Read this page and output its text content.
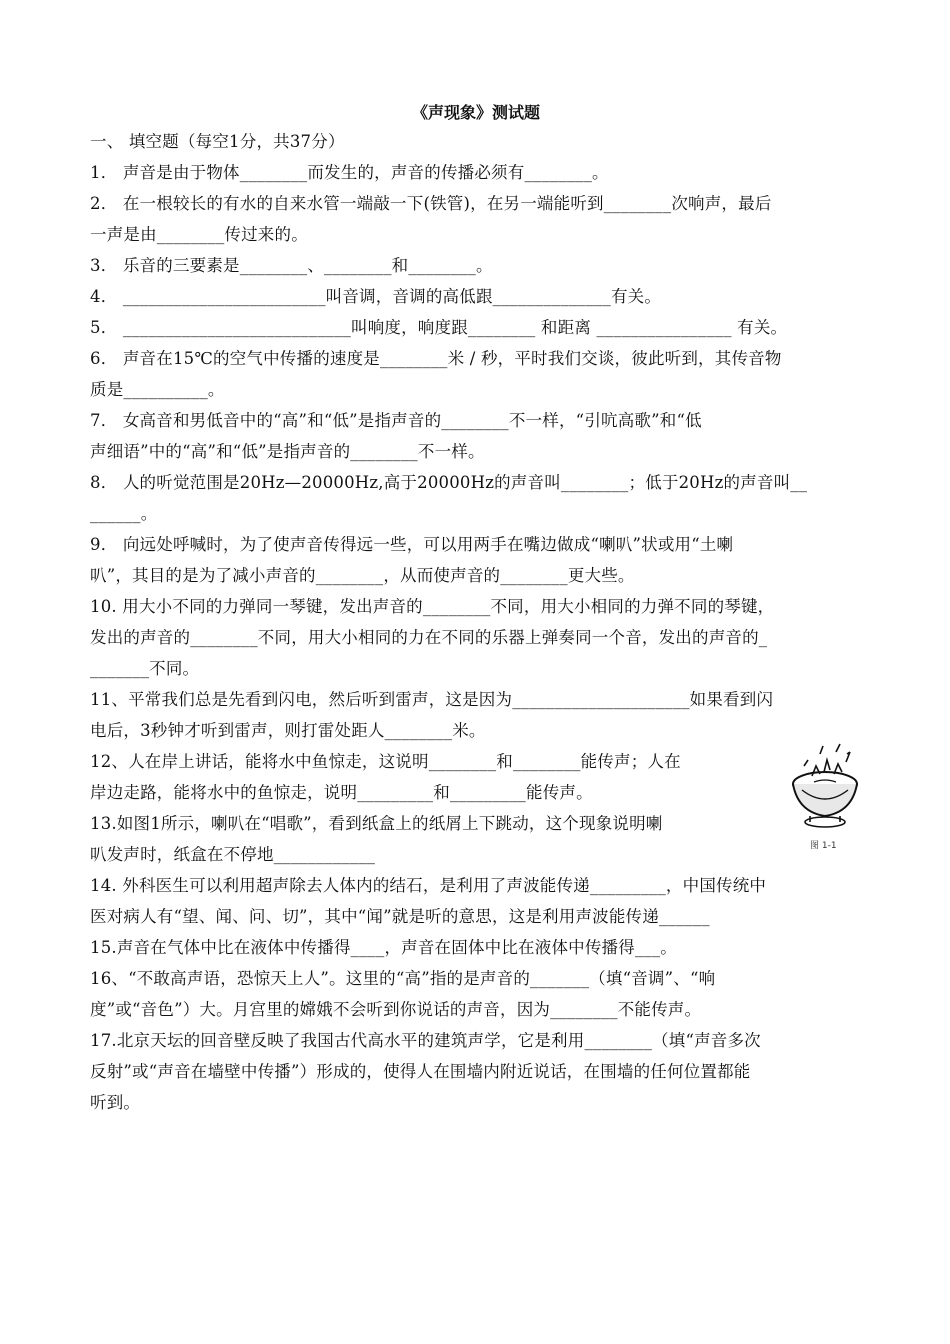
《声现象》测试题
一、 填空题（每空1分，共37分）
1． 声音是由于物体________而发生的，声音的传播必须有________。
2． 在一根较长的有水的自来水管一端敲一下(铁管)，在另一端能听到________次响声，最后
一声是由________传过来的。
3． 乐音的三要素是________、________和________。
4． ________________________叫音调，音调的高低跟______________有关。
5． ___________________________叫响度，响度跟________ 和距离 ________________ 有关。
6． 声音在15℃的空气中传播的速度是________米 / 秒，平时我们交谈，彼此听到，其传音物
质是__________。
7． 女高音和男低音中的“高”和“低”是指声音的________不一样，“引吭高歌”和“低
声细语”中的“高”和“低”是指声音的________不一样。
8． 人的听觉范围是20Hz—20000Hz,高于20000Hz的声音叫________；低于20Hz的声音叫__
______。
9． 向远处呼喊时，为了使声音传得远一些，可以用两手在嘴边做成“喇叭”状或用“土喇
叭”，其目的是为了减小声音的________，从而使声音的________更大些。
10. 用大小不同的力弹同一琴键，发出声音的________不同，用大小相同的力弹不同的琴键，
发出的声音的________不同，用大小相同的力在不同的乐器上弹奏同一个音，发出的声音的_
_______不同。
11、平常我们总是先看到闪电，然后听到雷声，这是因为_____________________如果看到闪
电后，3秒钟才听到雷声，则打雷处距人________米。
12、人在岸上讲话，能将水中鱼惊走，这说明________和________能传声；人在
岸边走路，能将水中的鱼惊走，说明_________和_________能传声。
13.如图1所示，喇叭在“唱歌”，看到纸盒上的纸屑上下跳动，这个现象说明喇
叭发声时，纸盒在不停地____________
14. 外科医生可以利用超声除去人体内的结石，是利用了声波能传递_________，中国传统中
医对病人有“望、闻、问、切”，其中“闻”就是听的意思，这是利用声波能传递______
15.声音在气体中比在液体中传播得____，声音在固体中比在液体中传播得___。
16、“不敢高声语，恐惊天上人”。这里的“高”指的是声音的_______（填“音调”、“响
度”或“音色”）大。月宫里的嫦娥不会听到你说话的声音，因为________不能传声。
17.北京天坛的回音壁反映了我国古代高水平的建筑声学，它是利用________（填“声音多次
反射”或“声音在墙壁中传播”）形成的，使得人在围墙内附近说话，在围墙的任何位置都能
听到。
图 1-1
